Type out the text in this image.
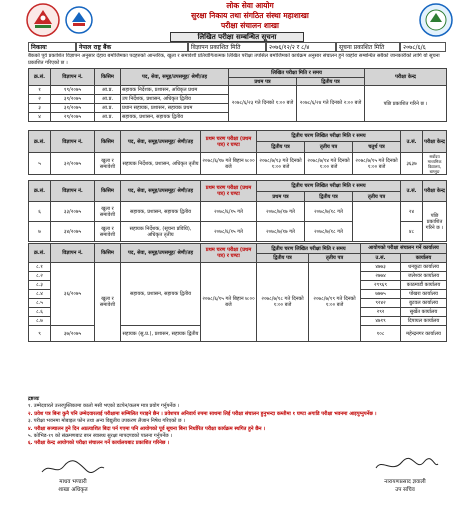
लोक सेवा आयोग
सुरक्षा निकाय तथा संगठित संस्था महाशाखा
परीक्षा संचालन शाखा
लिखित परीक्षा सम्बन्धित सूचना
निकायः	नेपाल राष्ट्र बैंक	विज्ञापन प्रकाशित मिति	२०७६/१२/२ र ८/४	सूचना प्रकाशित मिति	२०७८/६/६
बैंकको पूर्व प्रकाशित विज्ञापन अनुसार देहाय बमोजिमका पदहरुको आन्तरिक, खुला र समावेशी प्रतियोगितात्मक लिखित परीक्षा तपसिल बमोजिमको कार्यक्रम अनुसार संचालन हुने व्यहोरा सम्बन्धित सबैको जानकारीको लागि यो सूचना प्रकाशित गरिएको छ ।
क्र.सं.	विज्ञापन नं.	किसिम	पद, सेवा, समूह/उपसमूह/ श्रेणी/तह	लिखित परीक्षा मिति र समय		परीक्षा केन्द्र
				प्रथम पत्र	द्वितीय पत्र	
१	१९/२०७५	आ.प्र.	सहायक निर्देशक, प्रशासन, अधिकृत प्रथम	२०७८/६/२३ गते दिनको १:०० बजे	२०७८/६/२४ गते दिनको २:०० बजे	पछि प्रकाशित गरिने छ ।
२	३९/२०७५	आ.प्र.	उप निर्देशक, प्रशासन, अधिकृत द्वितीय			
३	३१/२०७५	आ.प्र.	प्रधान सहायक, प्रशासन, सहायक प्रथम			
४	२९/२०७५	आ.प्र.	सहायक, प्रशासन, सहायक द्वितीय			
क्र.सं.	विज्ञापन नं.	किसिम	पद, सेवा, समूह/उपसमूह/ श्रेणी/तह	प्रथम चरण परीक्षा (प्रथम पत्र) र घण्टा	द्वितीय चरण लिखित परीक्षा मिति र समय			उ.सं.	परीक्षा केन्द्र
					द्वितीय पत्र	तृतीय पत्र	चतुर्थ पत्र		
५	३२/२०७५	खुला र समावेशी	सहायक निर्देशक, प्रशासन, अधिकृत तृतीय	२०७८/६/१७ गते बिहान ७:०० बजे	२०७८/७/१३ गते दिनको १:०० बजे	२०७८/७/१४ गते दिनको १:०० बजे	२०७८/७/१५ गते दिनको १:०० बजे	३६३७	सर्वोदय माध्यमिक विद्यालय, बाग्लुङ
क्र.सं.	विज्ञापन नं.	किसिम	पद, सेवा, समूह/उपसमूह/ श्रेणी/तह	प्रथम चरण परीक्षा (प्रथम पत्र) र घण्टा	द्वितीय चरण लिखित परीक्षा मिति र समय			उ.सं.	परीक्षा केन्द्र
					प्रथम पत्र	द्वितीय पत्र	तृतीय पत्र		
६	३३/२०७५	खुला र समावेशी	सहायक, प्रशासन, सहायक द्वितीय	२०७८/६/१५ गते	२०७८/७/१७ गते	२०७८/७/१८ गते		२४	पछि प्रकाशित गरिने छ ।
७	३४/२०७५	खुला र समावेशी	सहायक निर्देशक, (सूचना प्रविधि), अधिकृत तृतीय	२०७८/६/१५ गते	२०७८/७/१७ गते	२०७८/७/१८ गते		४८	
क्र.सं.	विज्ञापन नं.	किसिम	पद, सेवा, समूह/उपसमूह/ श्रेणी/तह	प्रथम चरण परीक्षा (प्रथम पत्र) र घण्टा	द्वितीय चरण लिखित परीक्षा मिति र समय		आयोगको परीक्षा संचालन गर्ने कार्यालय	
					द्वितीय पत्र	तृतीय पत्र	उ.सं.	कार्यालय
८.१	३६/२०७५	खुला र समावेशी	सहायक, प्रशासन, सहायक द्वितीय	२०७८/६/१५ गते बिहान ७:०० बजे	२०७८/७/१८ गते दिनको १:०० बजे	२०७८/७/१९ गते दिनको १:०० बजे	४७७३	धनकुटा कार्यालय
८.२							२७७४	जलेश्वर कार्यालय
८.३							२९९६९	काठमाडौं कार्यालय
८.४							७७७५	पोखरा कार्यालय
८.५							९२४२	बुटवल कार्यालय
८.६							२९२	सुर्खेत कार्यालय
८.७							४७१९	दिपायल कार्यालय
९	३७/२०७५		सहायक (सु.प्र.), प्रशासन, सहायक द्वितीय				१०८	महेन्द्रनगर कार्यालय
द्रष्टव्यः
१. उम्मेदवारले उत्तरपुस्तिकामा कालो मसी भएको डटपेन/कलम मात्र प्रयोग गर्नुपर्नेछ ।
२. प्रवेश पत्र बिना कुनै पनि उम्मेदवारलाई परीक्षामा सम्मिलित गराइने छैन । प्रवेशपत्र अनिवार्य रुपमा साथमा लिई परीक्षा संचालन हुनुभन्दा कम्तीमा १ घण्टा अगाडि परीक्षा भवनमा आइपुग्नुपर्नेछ ।
३. परीक्षा भवनमा मोबाइल फोन तथा अन्य विद्युतीय उपकरण लैजान निषेध गरिएको छ ।
४. परीक्षा सञ्चालन हुने दिन अप्रत्याशित बिदा पर्न गएमा पनि आयोगको पूर्व सूचना बिना निर्धारित परीक्षा कार्यक्रम स्थगित हुने छैन ।
५. कोभिड-१९ को संक्रमणबाट बच्न स्वास्थ्य सुरक्षा मापदण्डको पालना गर्नुपर्नेछ ।
६. परीक्षा केन्द्र आयोगको परीक्षा संचालन गर्ने कार्यालयबाट प्रकाशित गरिनेछ ।
माधव भण्डारी
शाखा अधिकृत
नारायणप्रसाद ज्ञवाली
उप सचिव
